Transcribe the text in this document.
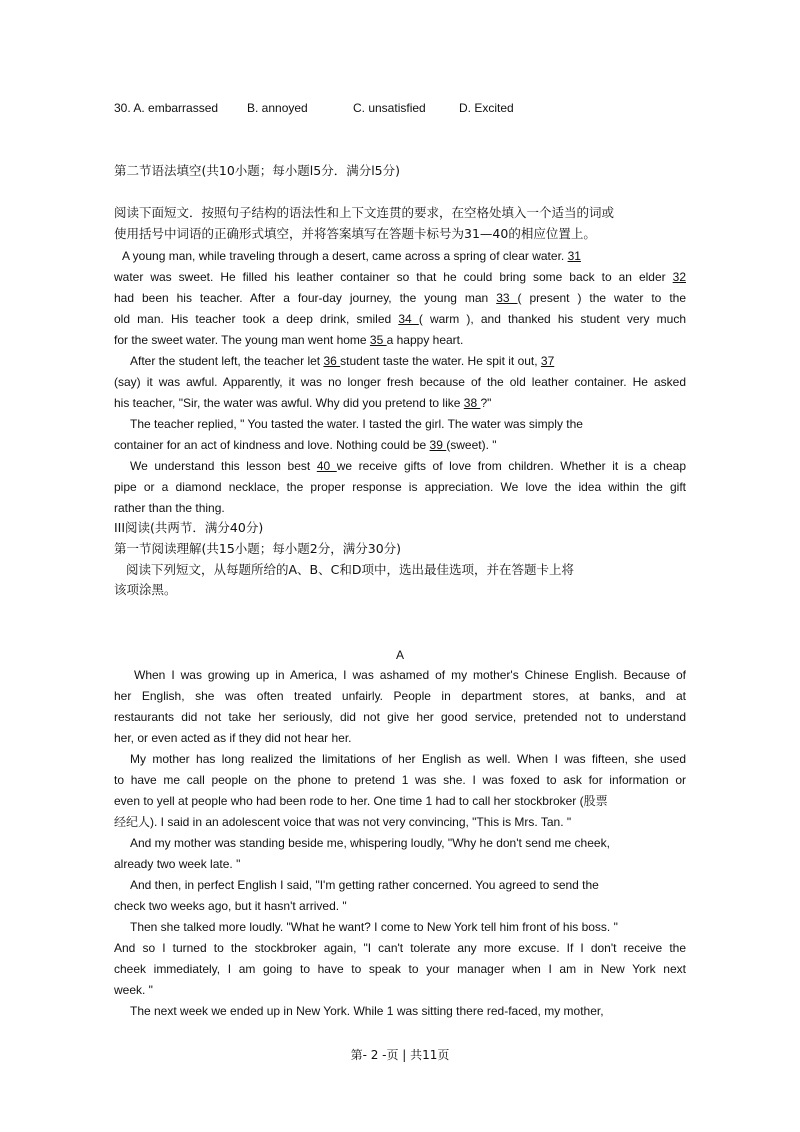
30. A. embarrassed B. annoyed	C. unsatisfied	D. Excited
第二节语法填空(共10小题；每小题l5分．满分l5分)
阅读下面短文．按照句子结构的语法性和上下文连贯的要求，在空格处填入一个适当的词或
使用括号中词语的正确形式填空，并将答案填写在答题卡标号为31—40的相应位置上。
A young man, while traveling through a desert, came across a spring of clear water. 31
water was sweet. He filled his leather container so that he could bring some back to an elder 32
had been his teacher. After a four-day journey, the young man 33 ( present ) the water to the
old man. His teacher took a deep drink, smiled 34 ( warm ), and thanked his student very much
for the sweet water. The young man went home 35 a happy heart.
After the student left, the teacher let 36 student taste the water. He spit it out, 37
(say) it was awful. Apparently, it was no longer fresh because of the old leather container. He asked
his teacher, "Sir, the water was awful. Why did you pretend to like 38 ?"
The teacher replied, " You tasted the water. I tasted the girl. The water was simply the
container for an act of kindness and love. Nothing could be 39 (sweet). "
We understand this lesson best 40 we receive gifts of love from children. Whether it is a cheap
pipe or a diamond necklace, the proper response is appreciation. We love the idea within the gift
rather than the thing.
III阅读(共两节．满分40分)
第一节阅读理解(共15小题；每小题2分，满分30分)
阅读下列短文，从每题所给的A、B、C和D项中，选出最佳选项，并在答题卡上将
该项涂黑。
A
When I was growing up in America, I was ashamed of my mother's Chinese English. Because of
her English, she was often treated unfairly. People in department stores, at banks, and at
restaurants did not take her seriously, did not give her good service, pretended not to understand
her, or even acted as if they did not hear her.
My mother has long realized the limitations of her English as well. When I was fifteen, she used
to have me call people on the phone to pretend 1 was she. I was foxed to ask for information or
even to yell at people who had been rode to her. One time 1 had to call her stockbroker (股票
经纪人). I said in an adolescent voice that was not very convincing, "This is Mrs. Tan. "
And my mother was standing beside me, whispering loudly, "Why he don't send me cheek,
already two week late. "
And then, in perfect English I said, "I'm getting rather concerned. You agreed to send the
check two weeks ago, but it hasn't arrived. "
Then she talked more loudly. "What he want? I come to New York tell him front of his boss. "
And so I turned to the stockbroker again, "I can't tolerate any more excuse. If I don't receive the
cheek immediately, I am going to have to speak to your manager when I am in New York next
week. "
The next week we ended up in New York. While 1 was sitting there red-faced, my mother,
第- 2 -页 | 共11页
